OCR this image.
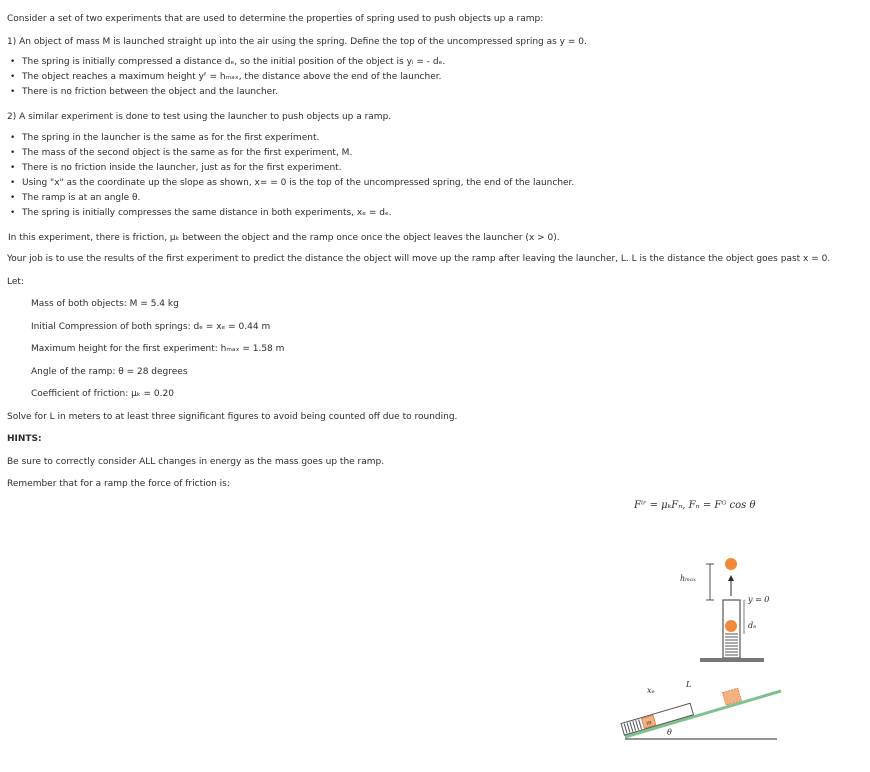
Consider a set of two experiments that are used to determine the properties of spring used to push objects up a ramp:
1) An object of mass M is launched straight up into the air using the spring. Define the top of the uncompressed spring as y = 0.
• The spring is initially compressed a distance dₑ, so the initial position of the object is yᵢ = - dₑ.
• The object reaches a maximum height yᶠ = hₘₐₓ, the distance above the end of the launcher.
• There is no friction between the object and the launcher.
2) A similar experiment is done to test using the launcher to push objects up a ramp.
• The spring in the launcher is the same as for the first experiment.
• The mass of the second object is the same as for the first experiment, M.
• There is no friction inside the launcher, just as for the first experiment.
• Using "x" as the coordinate up the slope as shown, x= = 0 is the top of the uncompressed spring, the end of the launcher.
• The ramp is at an angle θ.
• The spring is initially compresses the same distance in both experiments, xₑ = dₑ.
In this experiment, there is friction, μₖ between the object and the ramp once once the object leaves the launcher (x > 0).
Your job is to use the results of the first experiment to predict the distance the object will move up the ramp after leaving the launcher, L. L is the distance the object goes past x = 0.
Let:
Mass of both objects: M = 5.4 kg
Initial Compression of both springs: dₑ = xₑ = 0.44 m
Maximum height for the first experiment: hₘₐₓ = 1.58 m
Angle of the ramp: θ = 28 degrees
Coefficient of friction: μₖ = 0.20
Solve for L in meters to at least three significant figures to avoid being counted off due to rounding.
HINTS:
Be sure to correctly consider ALL changes in energy as the mass goes up the ramp.
Remember that for a ramp the force of friction is:
Fⁱʳ = μₖFₙ, Fₙ = Fᴳ cos θ
hₘₐₓ
y = 0
dₑ
m
xₑ
L
θ
